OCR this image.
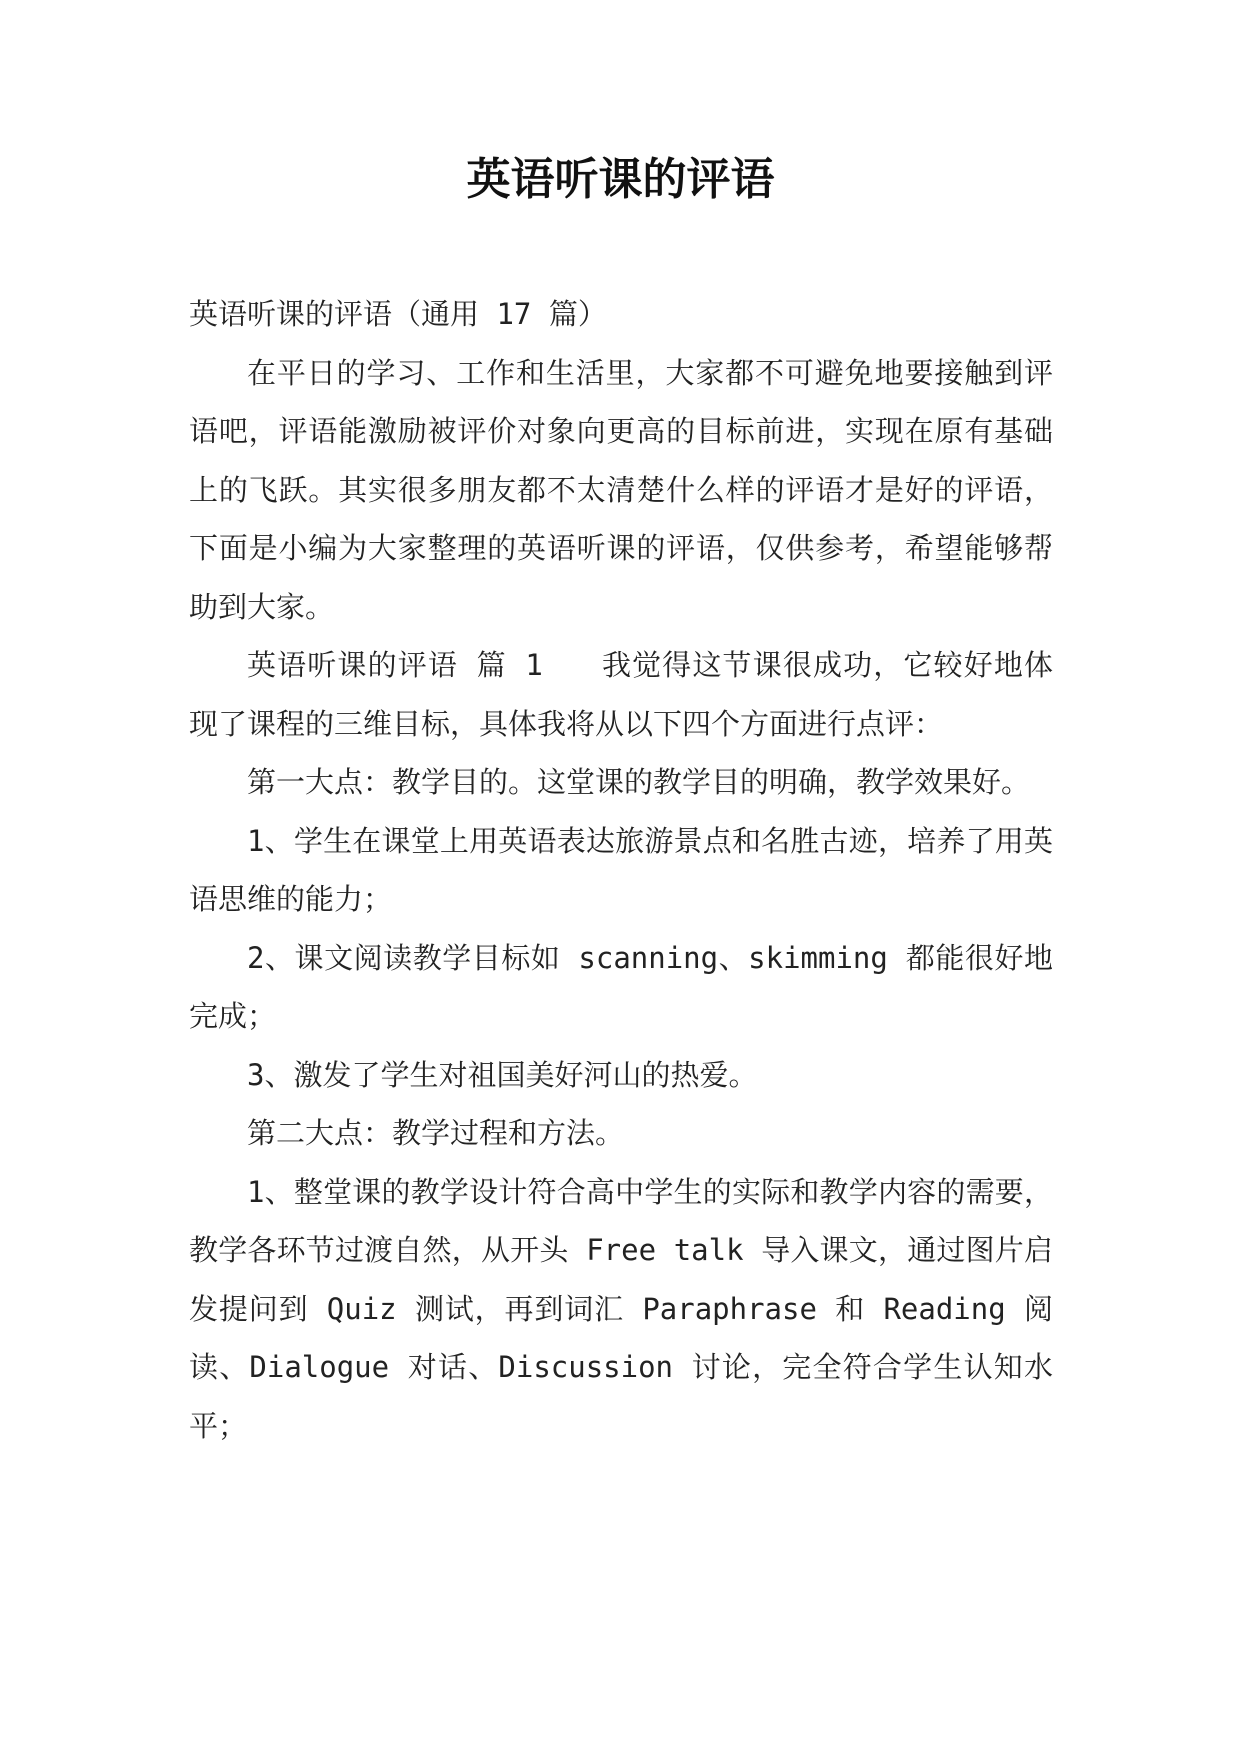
英语听课的评语

英语听课的评语（通用 17 篇）

在平日的学习、工作和生活里，大家都不可避免地要接触到评语吧，评语能激励被评价对象向更高的目标前进，实现在原有基础上的飞跃。其实很多朋友都不太清楚什么样的评语才是好的评语，下面是小编为大家整理的英语听课的评语，仅供参考，希望能够帮助到大家。

英语听课的评语 篇 1 我觉得这节课很成功，它较好地体现了课程的三维目标，具体我将从以下四个方面进行点评：

第一大点：教学目的。这堂课的教学目的明确，教学效果好。

1、学生在课堂上用英语表达旅游景点和名胜古迹，培养了用英语思维的能力；

2、课文阅读教学目标如 scanning、skimming 都能很好地完成；

3、激发了学生对祖国美好河山的热爱。

第二大点：教学过程和方法。

1、整堂课的教学设计符合高中学生的实际和教学内容的需要，教学各环节过渡自然，从开头 Free talk 导入课文，通过图片启发提问到 Quiz 测试，再到词汇 Paraphrase 和 Reading 阅读、Dialogue 对话、Discussion 讨论，完全符合学生认知水平；
